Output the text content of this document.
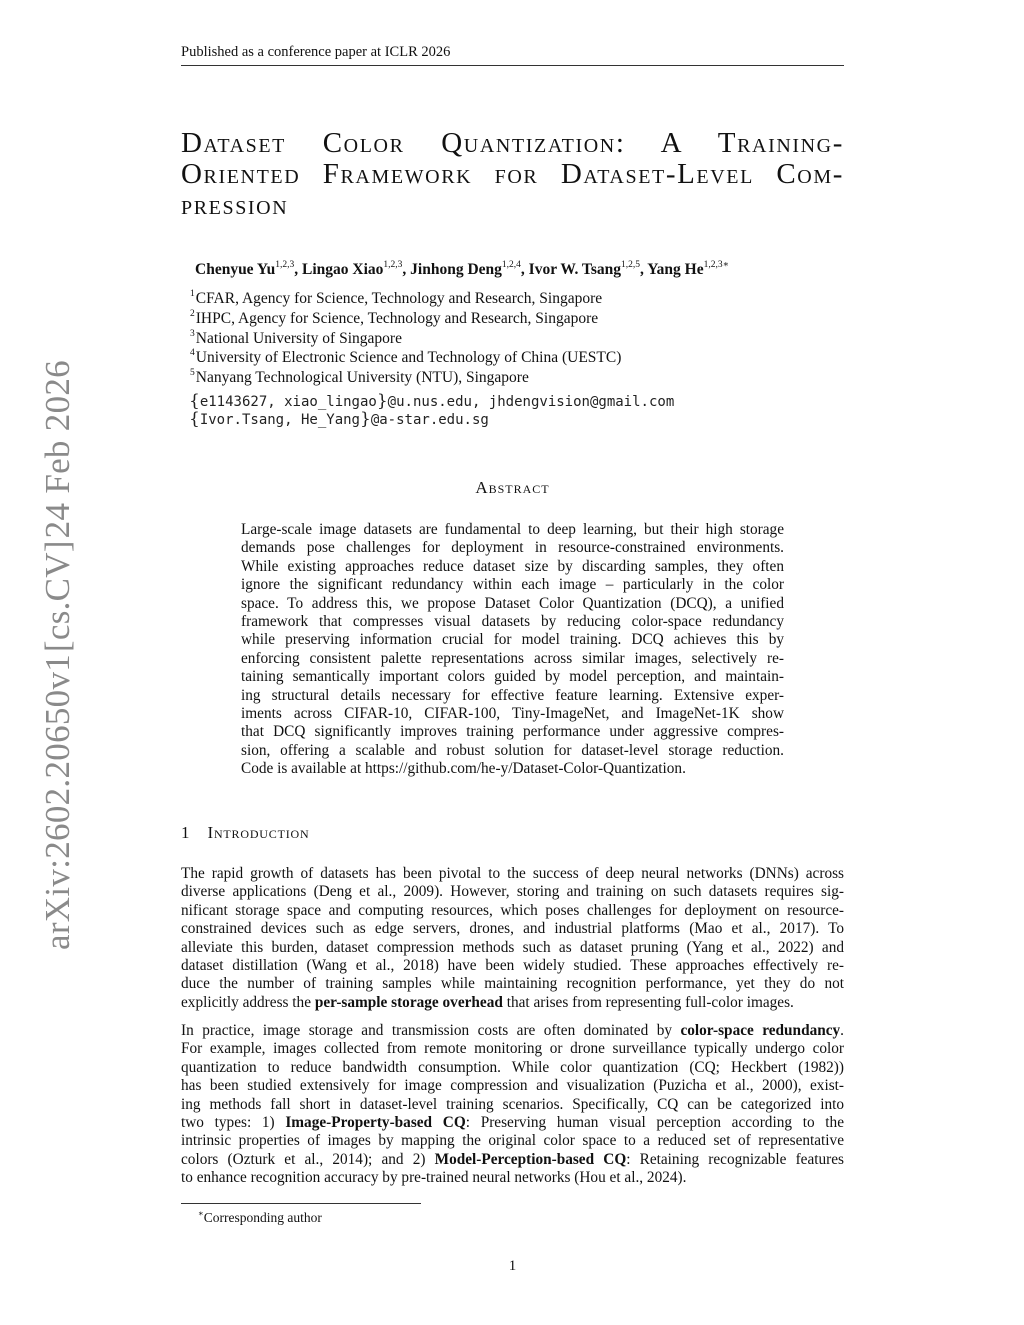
Published as a conference paper at ICLR 2026
arXiv:2602.20650v1
[cs.CV]
24 Feb 2026
Dataset Color Quantization: A Training-
Oriented Framework for Dataset-Level Com-
pression
Chenyue Yu$^{1,2,3}$, Lingao Xiao$^{1,2,3}$, Jinhong Deng$^{1,2,4}$, Ivor W. Tsang$^{1,2,5}$, Yang $He^{1,2,3∗}$
$^1$CFAR, Agency for Science, Technology and Research, Singapore
$^2$IHPC, Agency for Science, Technology and Research, Singapore
$^3$National University of Singapore
$^4$University of Electronic Science and Technology of China (UESTC)
$^5$Nanyang Technological University (NTU), Singapore
{e1143627, xiao_lingao}@u.nus.edu, jhdengvision@gmail.com
{Ivor.Tsang, He_Yang}@a-star.edu.sg
Abstract
Large-scale image datasets are fundamental to deep learning, but their high storage
demands pose challenges for deployment in resource-constrained environments.
While existing approaches reduce dataset size by discarding samples, they often
ignore the significant redundancy within each image – particularly in the color
space. To address this, we propose Dataset Color Quantization (DCQ), a unified
framework that compresses visual datasets by reducing color-space redundancy
while preserving information crucial for model training. DCQ achieves this by
enforcing consistent palette representations across similar images, selectively re-
taining semantically important colors guided by model perception, and maintain-
ing structural details necessary for effective feature learning. Extensive exper-
iments across CIFAR-10, CIFAR-100, Tiny-ImageNet, and ImageNet-1K show
that DCQ significantly improves training performance under aggressive compres-
sion, offering a scalable and robust solution for dataset-level storage reduction.
Code is available at https://github.com/he-y/Dataset-Color-Quantization.
1 Introduction
The rapid growth of datasets has been pivotal to the success of deep neural networks (DNNs) across
diverse applications (Deng et al., 2009). However, storing and training on such datasets requires sig-
nificant storage space and computing resources, which poses challenges for deployment on resource-
constrained devices such as edge servers, drones, and industrial platforms (Mao et al., 2017). To
alleviate this burden, dataset compression methods such as dataset pruning (Yang et al., 2022) and
dataset distillation (Wang et al., 2018) have been widely studied. These approaches effectively re-
duce the number of training samples while maintaining recognition performance, yet they do not
explicitly address the per-sample storage overhead that arises from representing full-color images.
In practice, image storage and transmission costs are often dominated by color-space redundancy.
For example, images collected from remote monitoring or drone surveillance typically undergo color
quantization to reduce bandwidth consumption. While color quantization (CQ; Heckbert (1982))
has been studied extensively for image compression and visualization (Puzicha et al., 2000), exist-
ing methods fall short in dataset-level training scenarios. Specifically, CQ can be categorized into
two types: 1) Image-Property-based CQ: Preserving human visual perception according to the
intrinsic properties of images by mapping the original color space to a reduced set of representative
colors (Ozturk et al., 2014); and 2) Model-Perception-based CQ: Retaining recognizable features
to enhance recognition accuracy by pre-trained neural networks (Hou et al., 2024).
∗Corresponding author
1
